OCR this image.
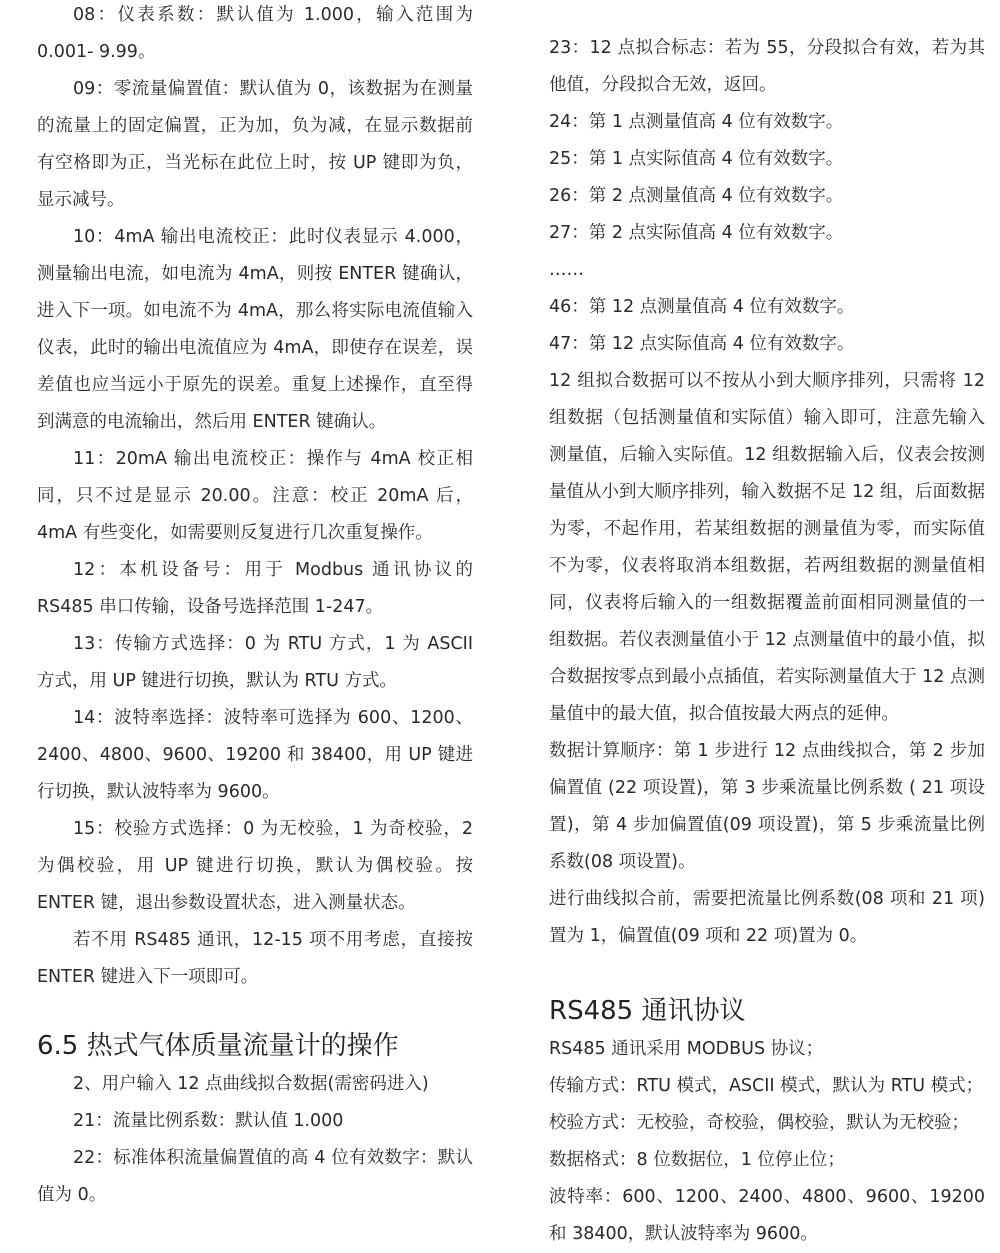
08：仪表系数：默认值为 1.000，输入范围为 0.001- 9.99。

09：零流量偏置值：默认值为 0，该数据为在测量的流量上的固定偏置，正为加，负为减，在显示数据前有空格即为正，当光标在此位上时，按 UP 键即为负，显示减号。

10：4mA 输出电流校正：此时仪表显示 4.000，测量输出电流，如电流为 4mA，则按 ENTER 键确认，进入下一项。如电流不为 4mA，那么将实际电流值输入仪表，此时的输出电流值应为 4mA，即使存在误差，误差值也应当远小于原先的误差。重复上述操作，直至得到满意的电流输出，然后用 ENTER 键确认。

11：20mA 输出电流校正：操作与 4mA 校正相同，只不过是显示 20.00。注意：校正 20mA 后，4mA 有些变化，如需要则反复进行几次重复操作。

12：本机设备号：用于 Modbus 通讯协议的 RS485 串口传输，设备号选择范围 1-247。

13：传输方式选择：0 为 RTU 方式，1 为 ASCII 方式，用 UP 键进行切换，默认为 RTU 方式。

14：波特率选择：波特率可选择为 600、1200、2400、4800、9600、19200 和 38400，用 UP 键进行切换，默认波特率为 9600。

15：校验方式选择：0 为无校验，1 为奇校验，2 为偶校验，用 UP 键进行切换，默认为偶校验。按 ENTER 键，退出参数设置状态，进入测量状态。

若不用 RS485 通讯，12-15 项不用考虑，直接按 ENTER 键进入下一项即可。

6.5 热式气体质量流量计的操作

2、用户输入 12 点曲线拟合数据(需密码进入)

21：流量比例系数：默认值 1.000

22：标准体积流量偏置值的高 4 位有效数字：默认值为 0。

23：12 点拟合标志：若为 55，分段拟合有效，若为其他值，分段拟合无效，返回。

24：第 1 点测量值高 4 位有效数字。

25：第 1 点实际值高 4 位有效数字。

26：第 2 点测量值高 4 位有效数字。

27：第 2 点实际值高 4 位有效数字。

……

46：第 12 点测量值高 4 位有效数字。

47：第 12 点实际值高 4 位有效数字。

12 组拟合数据可以不按从小到大顺序排列，只需将 12 组数据（包括测量值和实际值）输入即可，注意先输入测量值，后输入实际值。12 组数据输入后，仪表会按测量值从小到大顺序排列，输入数据不足 12 组，后面数据为零，不起作用，若某组数据的测量值为零，而实际值不为零，仪表将取消本组数据，若两组数据的测量值相同，仪表将后输入的一组数据覆盖前面相同测量值的一组数据。若仪表测量值小于 12 点测量值中的最小值，拟合数据按零点到最小点插值，若实际测量值大于 12 点测量值中的最大值，拟合值按最大两点的延伸。

数据计算顺序：第 1 步进行 12 点曲线拟合，第 2 步加偏置值 (22 项设置)，第 3 步乘流量比例系数 ( 21 项设置)，第 4 步加偏置值(09 项设置)，第 5 步乘流量比例系数(08 项设置)。

进行曲线拟合前，需要把流量比例系数(08 项和 21 项)置为 1，偏置值(09 项和 22 项)置为 0。

RS485 通讯协议

RS485 通讯采用 MODBUS 协议；

传输方式：RTU 模式，ASCII 模式，默认为 RTU 模式；

校验方式：无校验，奇校验，偶校验，默认为无校验；

数据格式：8 位数据位，1 位停止位；

波特率：600、1200、2400、4800、9600、19200 和 38400，默认波特率为 9600。
